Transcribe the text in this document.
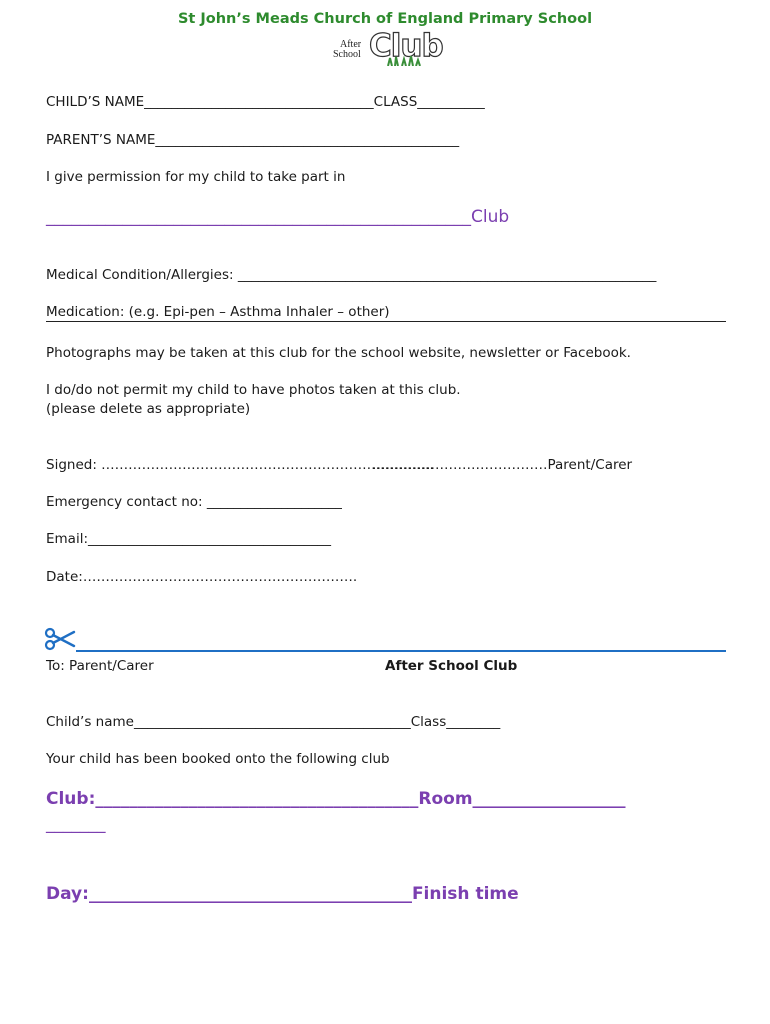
St John’s Meads Church of England Primary School
After
School Club
CHILD’S NAME__________________________________CLASS__________
PARENT’S NAME_____________________________________________
I give permission for my child to take part in
__________________________________________________Club
Medical Condition/Allergies: ______________________________________________________________
Medication: (e.g. Epi-pen – Asthma Inhaler – other)
Photographs may be taken at this club for the school website, newsletter or Facebook.
I do/do not permit my child to have photos taken at this club.
(please delete as appropriate)
Signed: ………………………………………………………………..
…………………………………Parent/Carer
Emergency contact no: ____________________
Email:____________________________________
Date:…………………………………………………….
To: Parent/Carer	After School Club
Child’s name_________________________________________Class________
Your child has been booked onto the following club
Club:______________________________________Room__________________
_______
Day:______________________________________Finish time
